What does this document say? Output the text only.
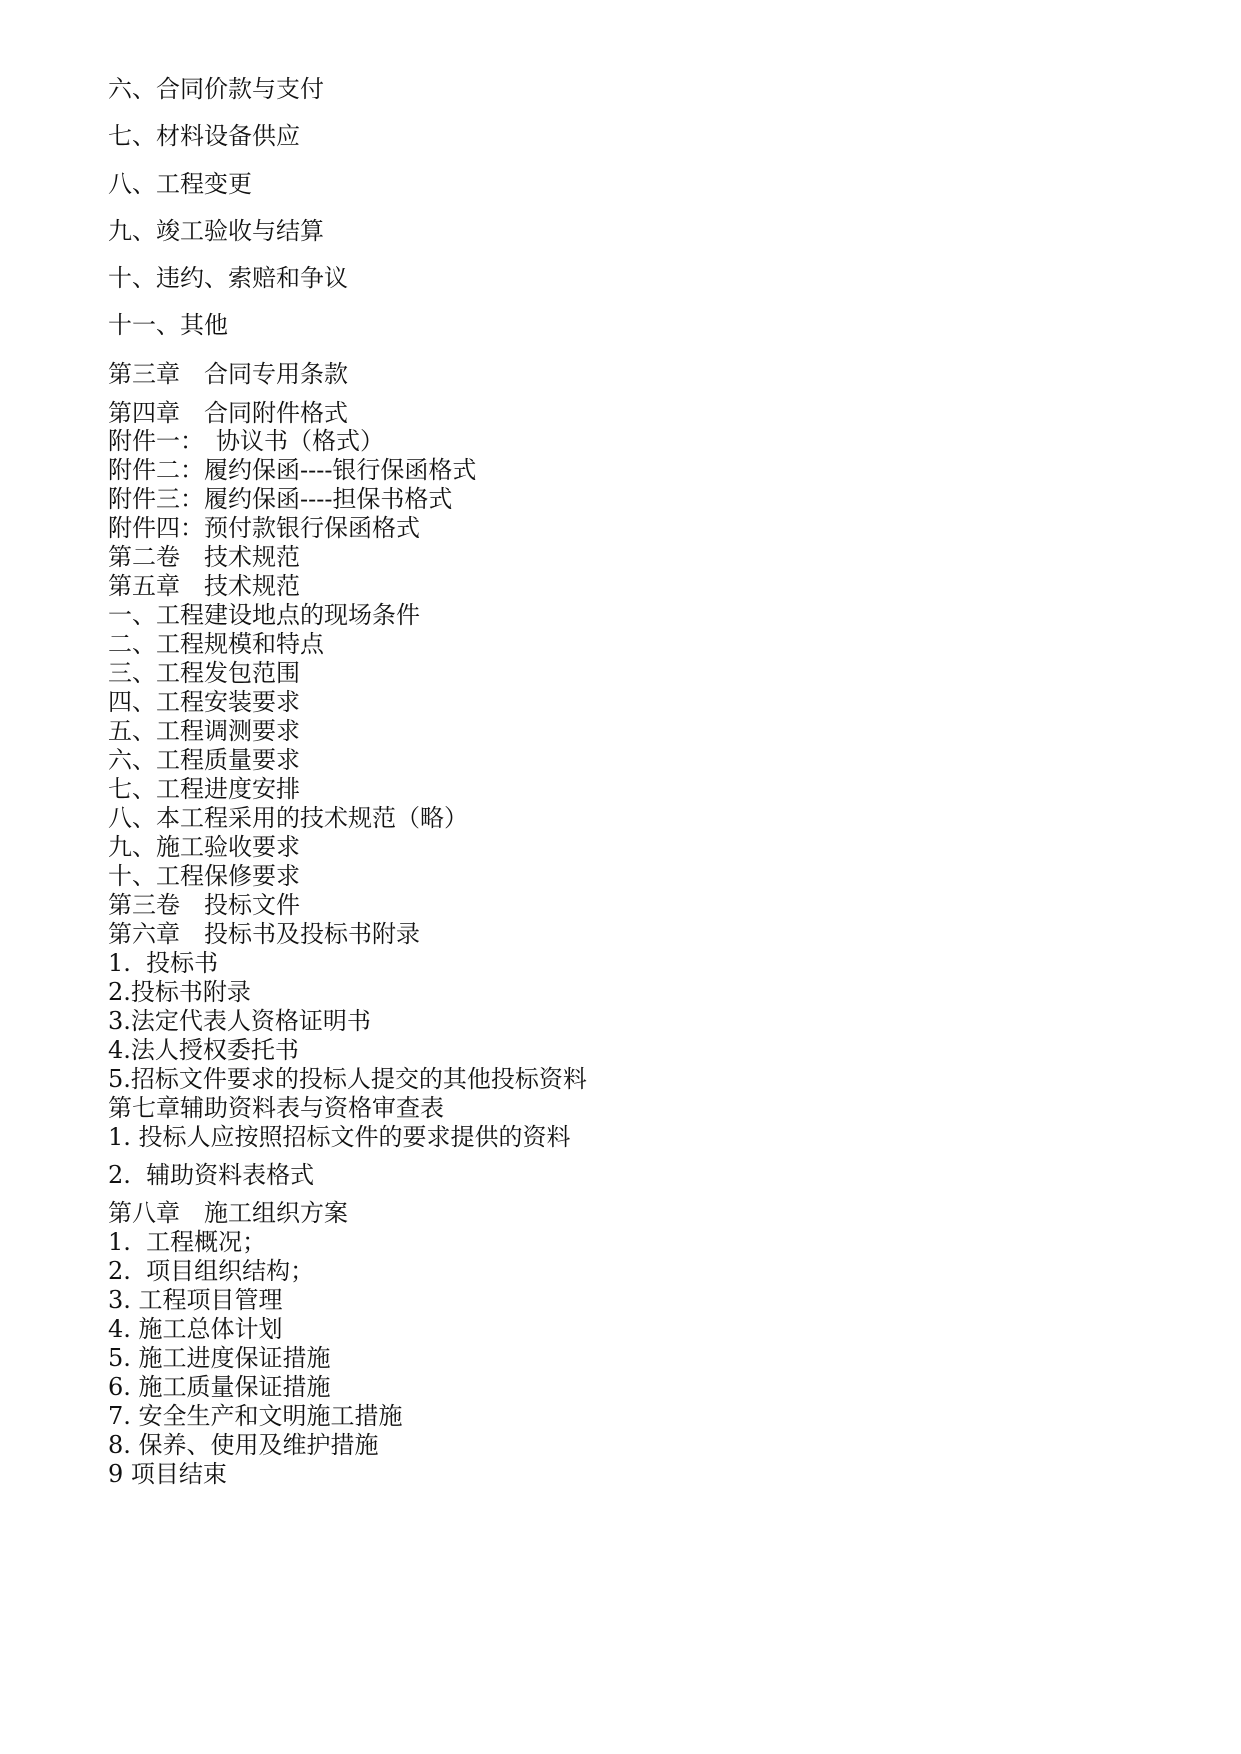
六、合同价款与支付
七、材料设备供应
八、工程变更
九、竣工验收与结算
十、违约、索赔和争议
十一、其他
第三章　合同专用条款
第四章　合同附件格式
附件一：　协议书（格式）
附件二：履约保函----银行保函格式
附件三：履约保函----担保书格式
附件四：预付款银行保函格式
第二卷　技术规范
第五章　技术规范
一、工程建设地点的现场条件
二、工程规模和特点
三、工程发包范围
四、工程安装要求
五、工程调测要求
六、工程质量要求
七、工程进度安排
八、本工程采用的技术规范（略）
九、施工验收要求
十、工程保修要求
第三卷　投标文件
第六章　投标书及投标书附录
1.  投标书
2.投标书附录
3.法定代表人资格证明书
4.法人授权委托书
5.招标文件要求的投标人提交的其他投标资料
第七章辅助资料表与资格审查表
1. 投标人应按照招标文件的要求提供的资料
2.  辅助资料表格式
第八章　施工组织方案
1.  工程概况；
2.  项目组织结构；
3. 工程项目管理
4. 施工总体计划
5. 施工进度保证措施
6. 施工质量保证措施
7. 安全生产和文明施工措施
8. 保养、使用及维护措施
9 项目结束
